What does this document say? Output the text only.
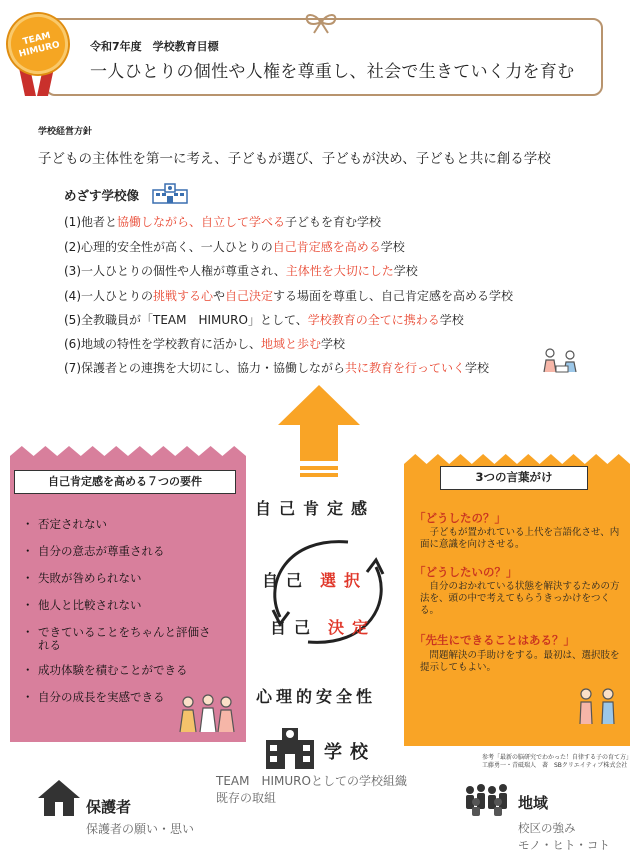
TEAM HIMURO	令和7年度　学校教育目標
一人ひとりの個性や人権を尊重し、社会で生きていく力を育む
学校経営方針
子どもの主体性を第一に考え、子どもが選び、子どもが決め、子どもと共に創る学校
めざす学校像
(1)他者と協働しながら、自立して学べる子どもを育む学校
(2)心理的安全性が高く、一人ひとりの自己肯定感を高める学校
(3)一人ひとりの個性や人権が尊重され、主体性を大切にした学校
(4)一人ひとりの挑戦する心や自己決定する場面を尊重し、自己肯定感を高める学校
(5)全教職員が「TEAM　HIMURO」として、学校教育の全てに携わる学校
(6)地域の特性を学校教育に活かし、地域と歩む学校
(7)保護者との連携を大切にし、協力・協働しながら共に教育を行っていく学校
自己肯定感を高める７つの要件
・ 否定されない
・ 自分の意志が尊重される
・ 失敗が咎められない
・ 他人と比較されない
・ できていることをちゃんと評価される
・ 成功体験を積むことができる
・ 自分の成長を実感できる
3つの言葉がけ
「どうしたの？」
子どもが置かれている上代を言語化させ、内面に意識を向けさせる。
「どうしたいの？」
自分のおかれている状態を解決するための方法を、頭の中で考えてもらうきっかけをつくる。
「先生にできることはある？」
問題解決の手助けをする。最初は、選択肢を提示してもよい。
自己肯定感
自己 選択
自己 決定
心理的安全性
学校
TEAM　HIMUROとしての学校組織
既存の取組
参考「最新の脳研究でわかった！自律する子の育て方」
工藤勇一・青砥瑞人　著　SBクリエイティブ株式会社
保護者
保護者の願い・思い
地域
校区の強み
モノ・ヒト・コト
